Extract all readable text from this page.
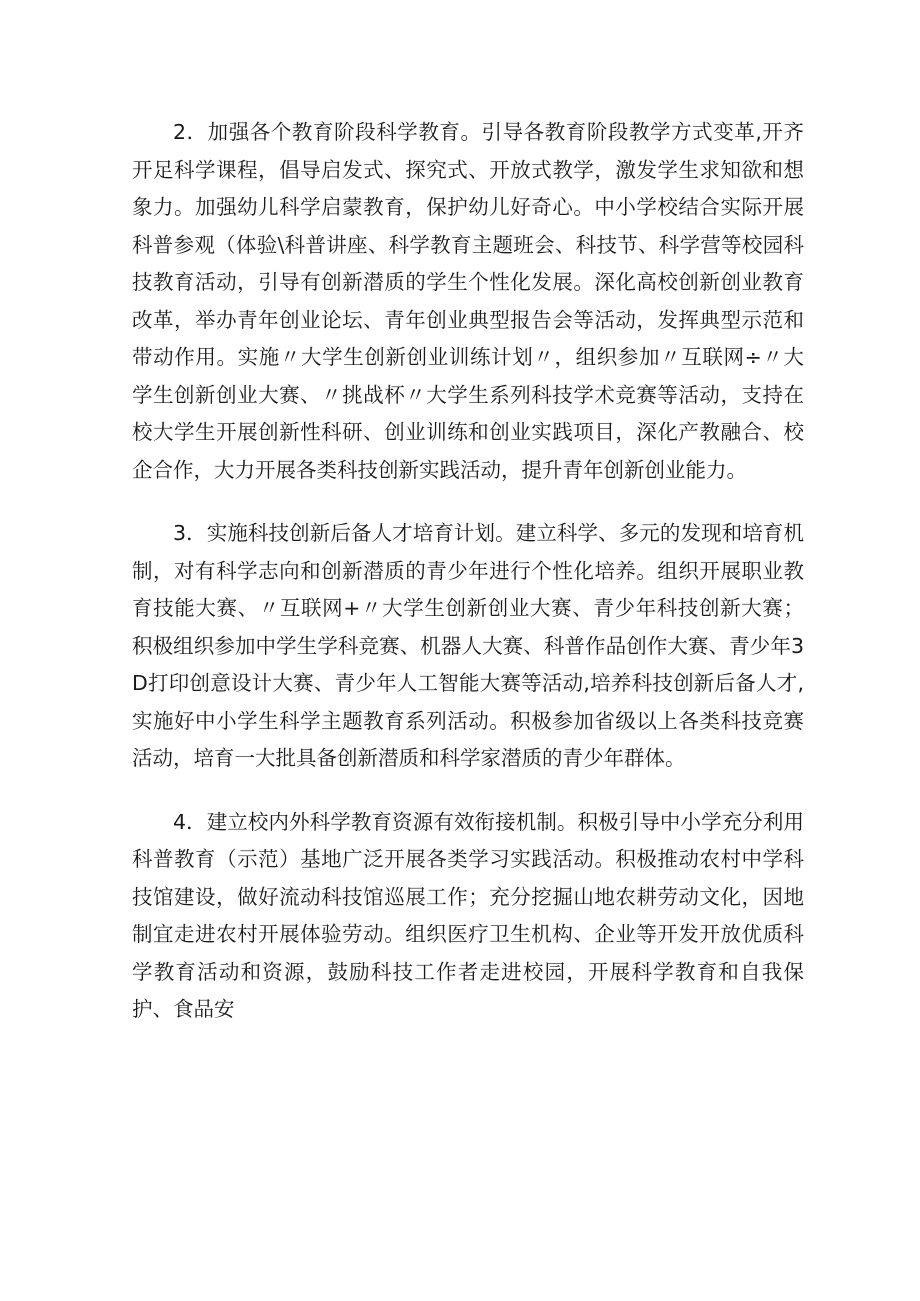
2．加强各个教育阶段科学教育。引导各教育阶段教学方式变革,开齐开足科学课程，倡导启发式、探究式、开放式教学，激发学生求知欲和想象力。加强幼儿科学启蒙教育，保护幼儿好奇心。中小学校结合实际开展科普参观（体验\科普讲座、科学教育主题班会、科技节、科学营等校园科技教育活动，引导有创新潜质的学生个性化发展。深化高校创新创业教育改革，举办青年创业论坛、青年创业典型报告会等活动，发挥典型示范和带动作用。实施〃大学生创新创业训练计划〃，组织参加〃互联网÷〃大学生创新创业大赛、〃挑战杯〃大学生系列科技学术竞赛等活动，支持在校大学生开展创新性科研、创业训练和创业实践项目，深化产教融合、校企合作，大力开展各类科技创新实践活动，提升青年创新创业能力。

3．实施科技创新后备人才培育计划。建立科学、多元的发现和培育机制，对有科学志向和创新潜质的青少年进行个性化培养。组织开展职业教育技能大赛、〃互联网+〃大学生创新创业大赛、青少年科技创新大赛；积极组织参加中学生学科竞赛、机器人大赛、科普作品创作大赛、青少年3D打印创意设计大赛、青少年人工智能大赛等活动,培养科技创新后备人才,实施好中小学生科学主题教育系列活动。积极参加省级以上各类科技竞赛活动，培育一大批具备创新潜质和科学家潜质的青少年群体。

4．建立校内外科学教育资源有效衔接机制。积极引导中小学充分利用科普教育（示范）基地广泛开展各类学习实践活动。积极推动农村中学科技馆建设，做好流动科技馆巡展工作；充分挖掘山地农耕劳动文化，因地制宜走进农村开展体验劳动。组织医疗卫生机构、企业等开发开放优质科学教育活动和资源，鼓励科技工作者走进校园，开展科学教育和自我保护、食品安
